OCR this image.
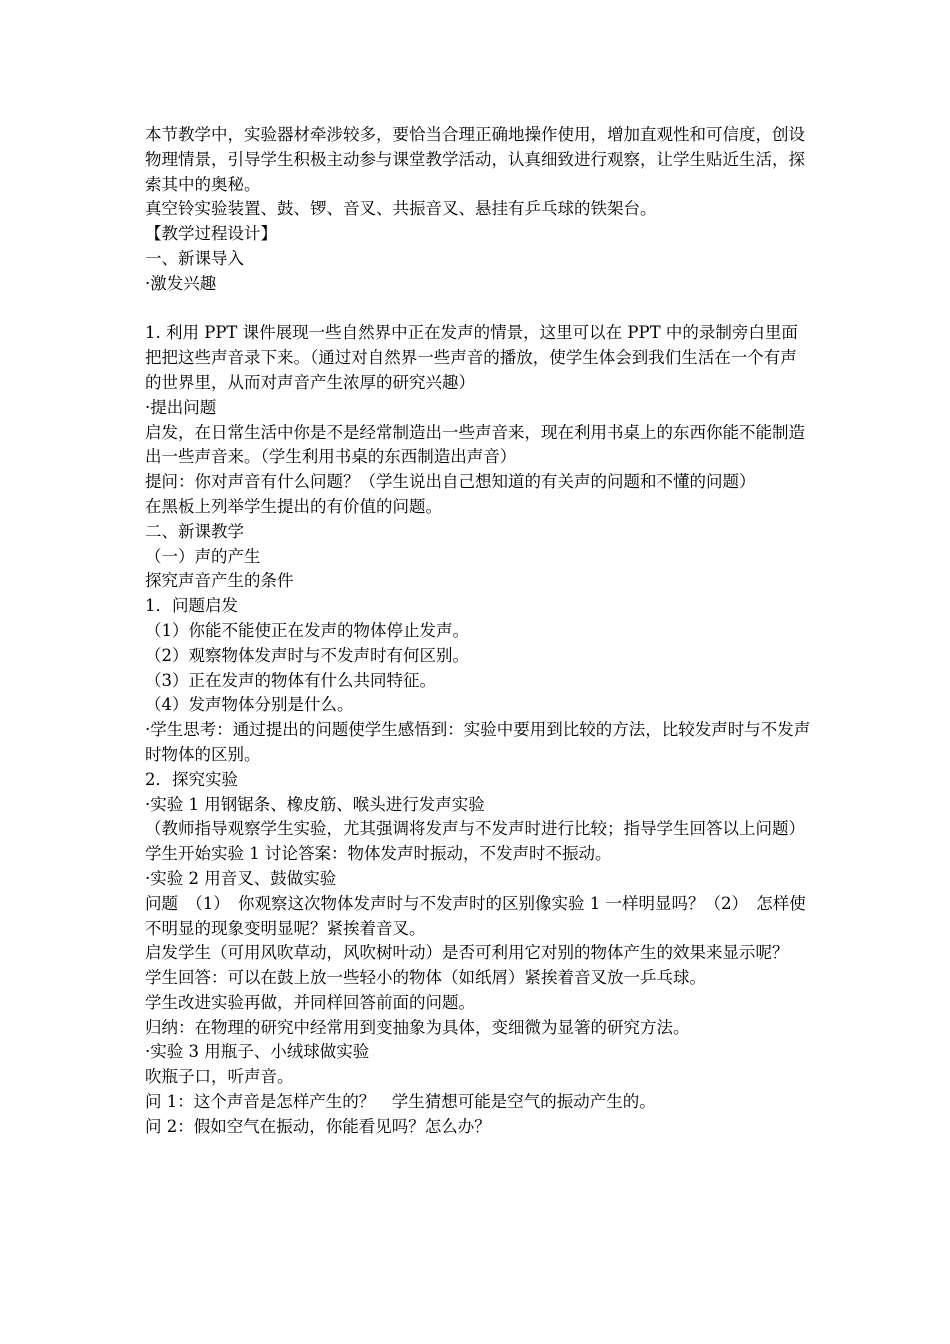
本节教学中，实验器材牵涉较多，要恰当合理正确地操作使用，增加直观性和可信度，创设物理情景，引导学生积极主动参与课堂教学活动，认真细致进行观察，让学生贴近生活，探索其中的奥秘。

真空铃实验装置、鼓、锣、音叉、共振音叉、悬挂有乒乓球的铁架台。

【教学过程设计】

一、新课导入

·激发兴趣

1. 利用 PPT 课件展现一些自然界中正在发声的情景，这里可以在 PPT 中的录制旁白里面把把这些声音录下来。（通过对自然界一些声音的播放，使学生体会到我们生活在一个有声的世界里，从而对声音产生浓厚的研究兴趣）

·提出问题

启发，在日常生活中你是不是经常制造出一些声音来，现在利用书桌上的东西你能不能制造出一些声音来。（学生利用书桌的东西制造出声音）

提问：你对声音有什么问题？（学生说出自己想知道的有关声的问题和不懂的问题）

在黑板上列举学生提出的有价值的问题。

二、新课教学

（一）声的产生

探究声音产生的条件

1．问题启发

（1）你能不能使正在发声的物体停止发声。

（2）观察物体发声时与不发声时有何区别。

（3）正在发声的物体有什么共同特征。

（4）发声物体分别是什么。

·学生思考：通过提出的问题使学生感悟到：实验中要用到比较的方法，比较发声时与不发声时物体的区别。

2．探究实验

·实验 1 用钢锯条、橡皮筋、喉头进行发声实验

（教师指导观察学生实验，尤其强调将发声与不发声时进行比较；指导学生回答以上问题）

学生开始实验 1 讨论答案：物体发声时振动，不发声时不振动。

·实验 2 用音叉、鼓做实验

问题　（1）　你观察这次物体发声时与不发声时的区别像实验 1 一样明显吗？（2）　怎样使不明显的现象变明显呢？紧挨着音叉。

启发学生（可用风吹草动，风吹树叶动）是否可利用它对别的物体产生的效果来显示呢？

学生回答：可以在鼓上放一些轻小的物体（如纸屑）紧挨着音叉放一乒乓球。

学生改进实验再做，并同样回答前面的问题。

归纳：在物理的研究中经常用到变抽象为具体，变细微为显箸的研究方法。

·实验 3 用瓶子、小绒球做实验

吹瓶子口，听声音。

问 1：这个声音是怎样产生的？　学生猜想可能是空气的振动产生的。

问 2：假如空气在振动，你能看见吗？怎么办？
